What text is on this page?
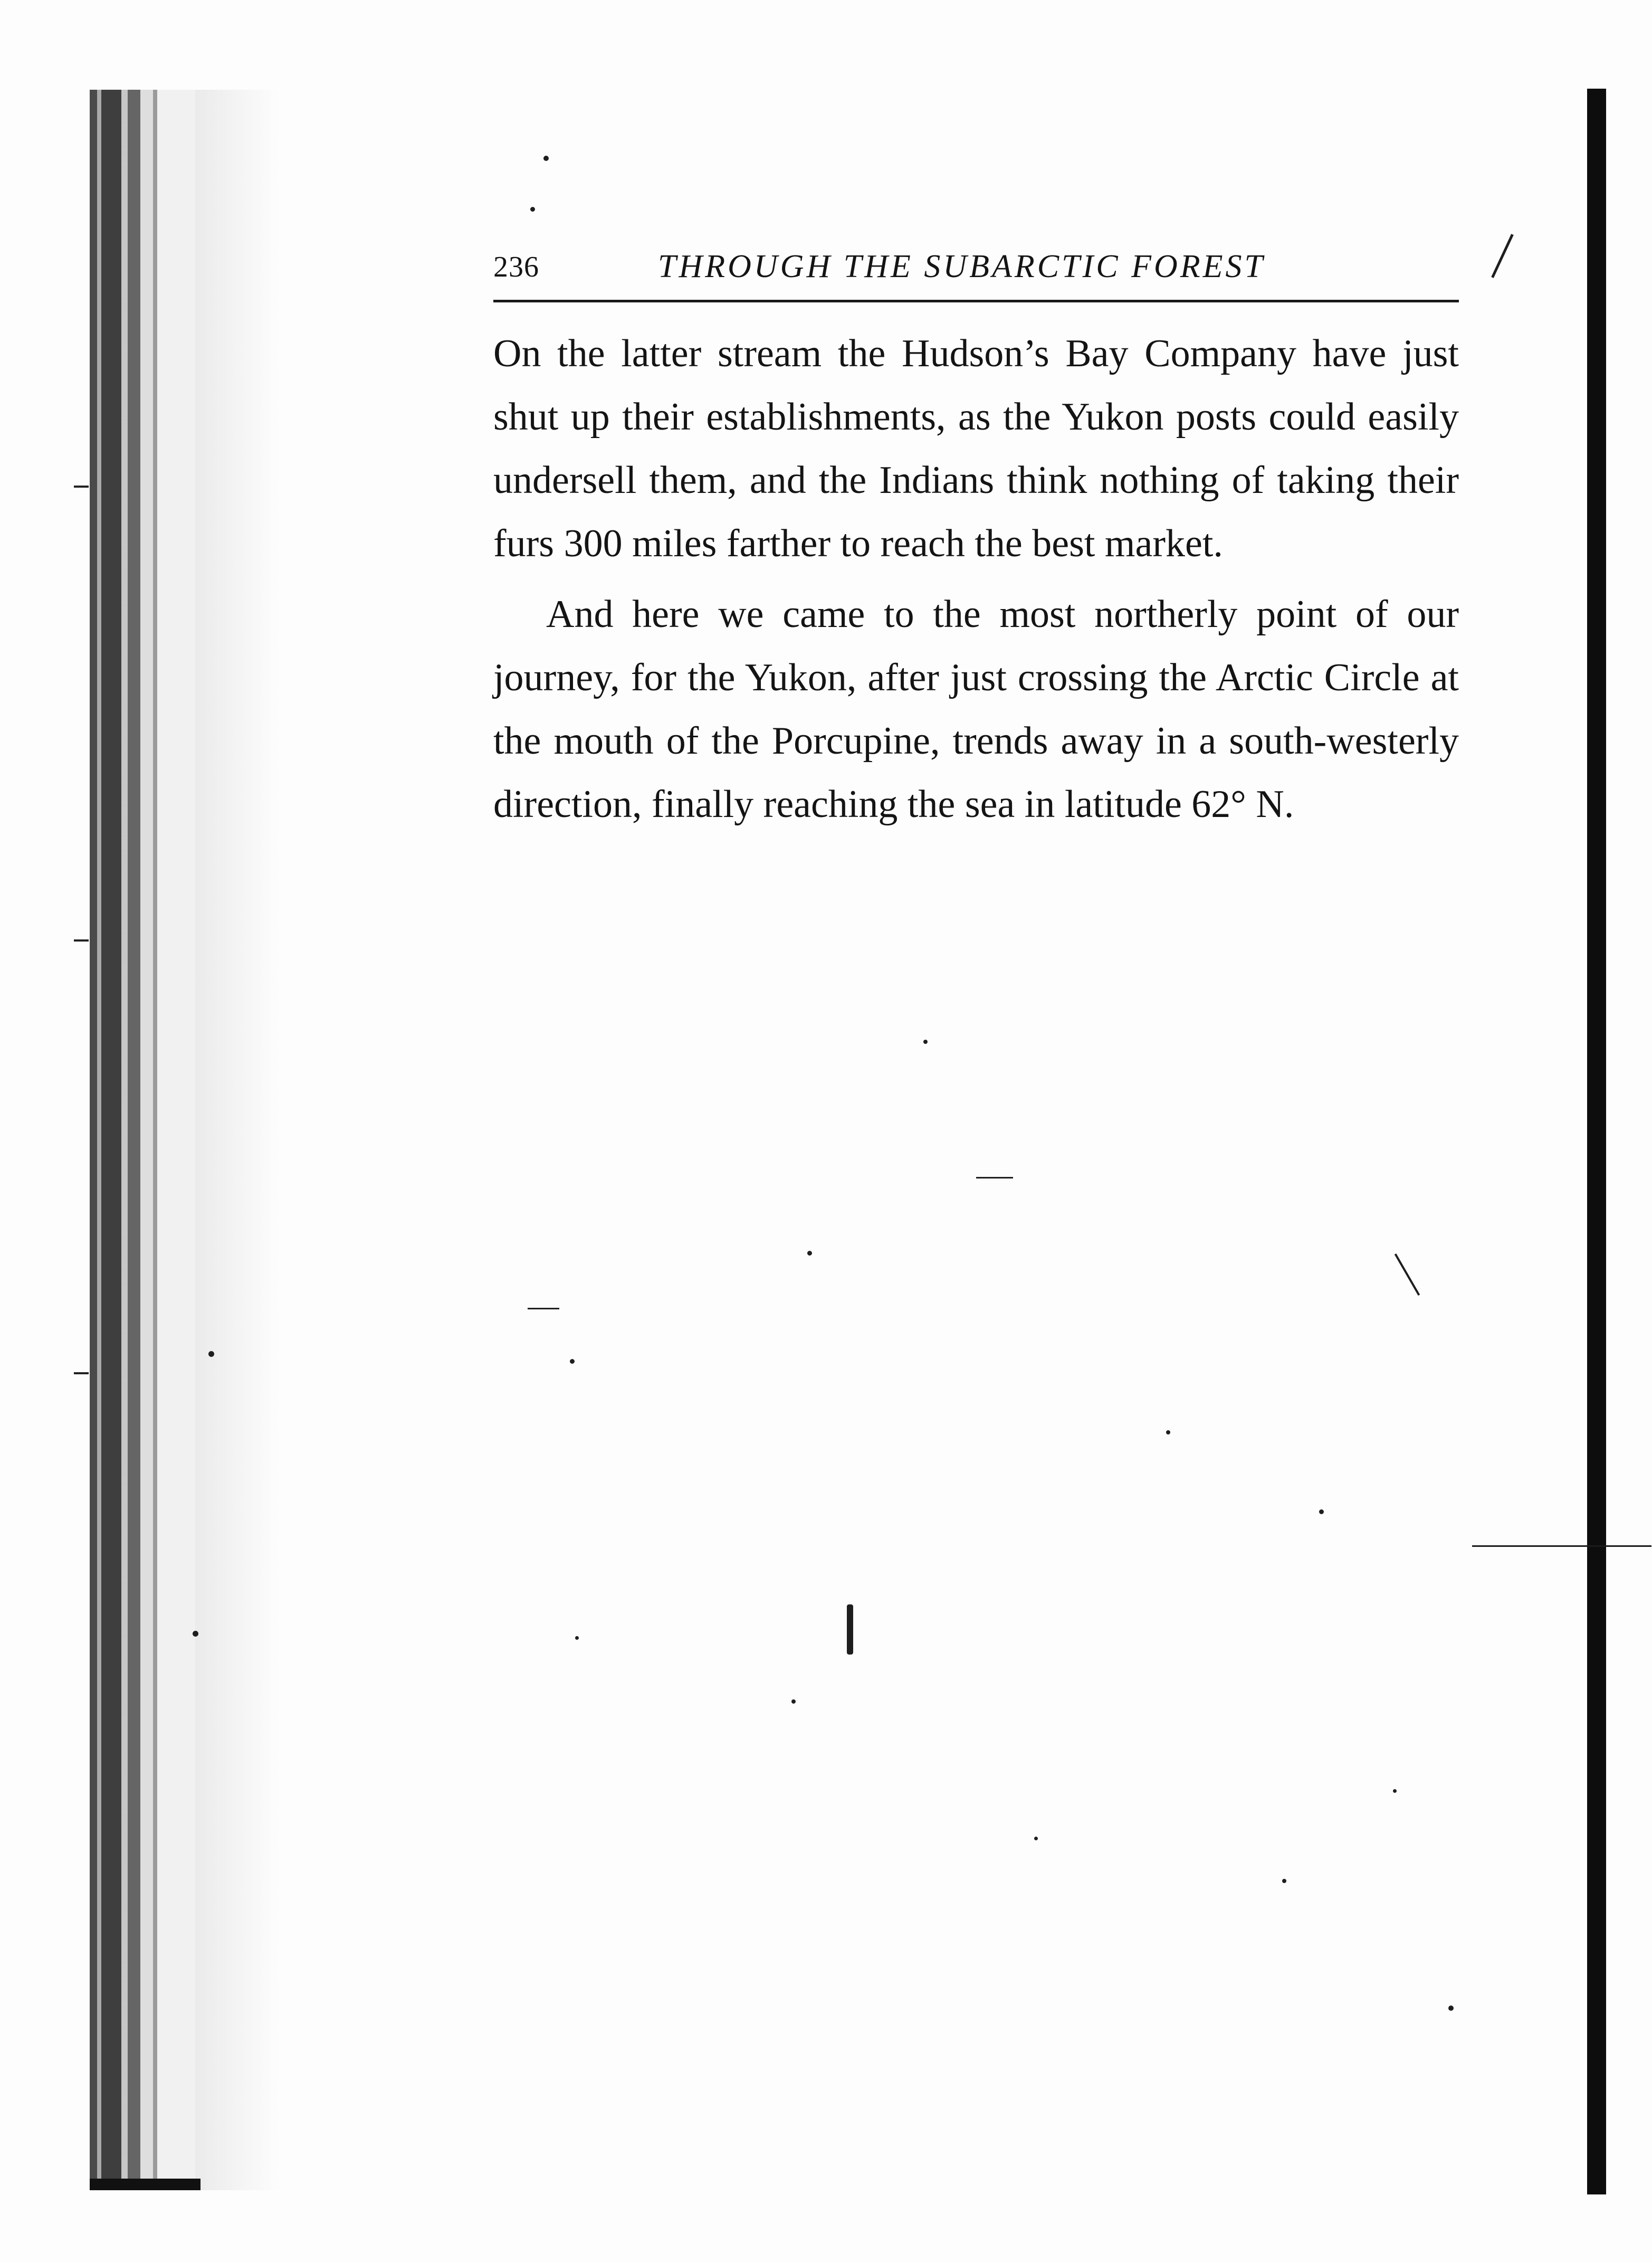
236	THROUGH THE SUBARCTIC FOREST

On the latter stream the Hudson’s Bay Company have just shut up their establishments, as the Yukon posts could easily undersell them, and the Indians think nothing of taking their furs 300 miles farther to reach the best market.

And here we came to the most northerly point of our journey, for the Yukon, after just crossing the Arctic Circle at the mouth of the Porcupine, trends away in a south-westerly direction, finally reaching the sea in latitude 62° N.
